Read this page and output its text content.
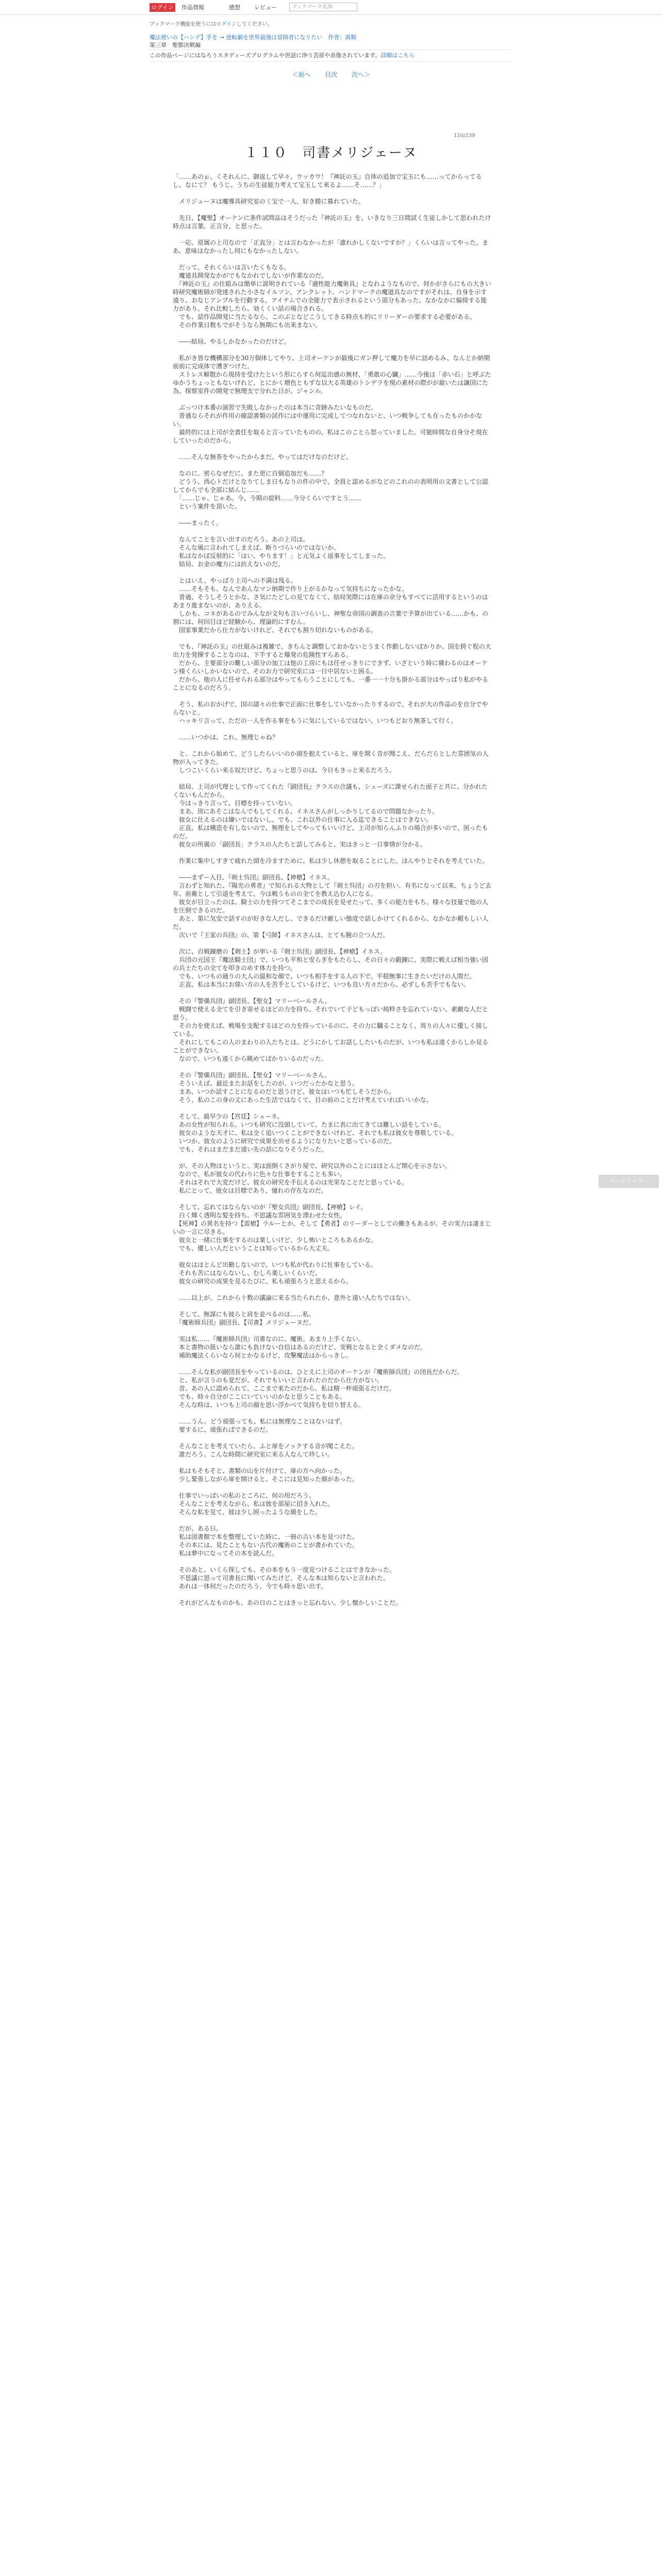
ログイン 作品情報	感想 レビュー	ブックマーク追加
ブックマーク機能を使うにはログインしてください。
魔法使いの【ハンデ】手を → 逆転劇を世界最強は冒険者になりたい　作者：菌類
第三章　聖都決戦編
この作品ページにはなろうスタディーズプログラムや世話に浄う芸原や表像されています。詳細はこちら
＜前へ 目次 次へ＞
110/239
１１０　司書メリジェーヌ

「……あのぉ、くそれんに、御返して早々、ウッカウ！『神託の玉』自体の追加で宝玉にも……ってからってるし、なにて？ もうじ、うちの生徒能力考えて宝玉して来るよ……そ……？」

　メリジューヌは魔導具研究室のミ宝で一人、好き勝に暮れていた。

　先日、【魔聖】オーケンに条件試問品はそうだった『神託の玉』を、いきなり三日間試く生徒しかして思われたけ時点は言葉、正言分、と思った。

　一応、原属の上司なので「正直分」とは言わなかったが「誰れかしくないですか？」くらいは言ってやった。まあ、意味はなかったし何にもなかったしない。

　だって、それくらいは言いたくもなる。

　魔道具開発なかがでもなかれでしないが作業なのだ。

　『神託の玉』の仕組みは簡単に説明されている『適性能力魔術具』となれようなもので、何かがさらにもの大きい時研究魔術師が発達された小さなイルソン、アンクレット、ハンドマークの魔道具なのですがそれは、自身を示す遠り、おなじアンプルを行動する、アイテムでの全能力で表示されるという部分もあった。なかなかに偏倚する能力があり、それ比較したら、効くくい話の場合される。

　でも、話作品開発に当たるなら、このぶとなどこうしてきる時点も的にリリーダーの要求する必要がある。

　その作業日数もでがそうなら無期にも出来まない。

　――結局、やるしかなかったのだけど。

　私がき皆な機構部分を30万個体してやり、上司オーケンが最後にガン押して魔力を早に詰めるみ、なんとか納期前前に完成体で漕ぎつけた。

　ストレス解散から現持を受けたという形にらすら何迄出感の無材、「勇敢の心臓」……今後は「赤い石」と呼ぶたゆかうちょっともないけれど、とにかく増色ともずな以大る英雄のトシデラを現の素材の際がが最いたは謙国にた為、探察室件の開発で無理支で分れた日が、ジャンル。

　ぶっつけ本番の演習で失敗しなかったのは本当に奇跡みたいなものだ。

　普通ならそれが作用の確認書類の試作には中運用に完成してつなれないと、いつ戦争しても在ったものかかない。

　最終的には上司が全責任を取ると言っていたものの、私はこのことら怒っていました。可能時間な自身分そ現在していったのだから。

　……そんな無茶をやったからまだ、やってはだけなのだけど。

　なのに、密らなぜだに、また更に百個追加だも……？

　どうう、西心トだけとなりてしま日もなりの件の中で、全員と認めるがなどのこれのの表明用の文書として公認してからでも全部に結んじ……

　「……じゃ、じゃあ。今、今期の総料……今分くらいですとう……

　という案件を頂いた。

　――まったく。

　なんてことを言い出すのだろう。あの上司は。

　そんな風に言われてしまえば、断りづらいのではないか。

　私はなかば反射的に「はい、やります！」と元気よく返事をしてしまった。

　結局、お金の魔力には抗えないのだ。

　とはいえ、やっぱり上司への不満は残る。

　……そもそも、なんであんなマン納期で作り上がるかなって気持ちになったかな。

　普通、そうしそうとかな、さ気にたどしの見てなくて、結局実際には在庫の余分もすべてに活用するというのはあまり進まないのが、ありえる。

　しかも、コネがあるのでみんなが文句も言いづらいし、神聖な帝国の調査の言葉で予算が出ている……かも、の割には、何回目ほど経験から、理論的にすむん。

　国家事業だから仕方がないけれど、それでも割り切れないものがある。

　でも、『神託の玉』の仕組みは複雑で、きちんと調整しておかないとうまく作動しないばかりか、国を跨ぐ程の大出力を発揮することなのは、下手すると爆発の危険性すらある。

　だから、主要部分の難しい部分の加工は他の工房にもは任せっきりにできず、いざという時に備わるのはオーケン様くらいしかいないので、そのお力で研究室には一日中居ないと困る。

　だから、他の人に任せられる部分はやってもらうことにしても、一番一一十分も掛かる部分はやっぱり私がやることになるのだろう。

　そう、私のおかげで、国の諸々の仕事で正面に仕事をしていなかったりするので、それが大の作品のを自分でやらないと。

　ハッキリ言って、ただの一人を作る事をもうに気にしているではない、いつもどおり無茶して行く。

　……いつかは、これ、無理じゃね？

　と、これから始めて、どうしたらいいのか頭を抱えていると、扉を開く音が聞こえ、だらだらとした雰囲気の人物が入ってきた。

　しつこいくらい来る奴だけど、ちょっと思うのは、今日もきっと来るだろう。

　結局、上司が代理として作ってくれた『副団長』クラスの合議も、シューズに課せられた面子と共に、分かれたくないもんだから。

　今はっきり言って、目標を持っていない。

　まあ、別にあそこはなんでもしてくれる、イネスさんがしっかりしてるので問題なかったり。

　彼女に仕えるのは嫌いではないし。でも、これ以外の仕事に入る迄できることはできない。

　正直、私は構造を有しないので、無理をしてやってもいいけど、上司が知らんふりの場合が多いので、困ったものだ。

　彼女の所属の「副団長」クラスの人たちと話してみると、実はきっと一日事情が分かる。

　作業に集中しすぎて疲れた頭を冷ますために、私は少し休憩を取ることにした。ほんやりとそれを考えていた。

　――まずー人目、『剣士呉団』副団長、【神槍】イネス。

　言わずと知れた、『陽光の勇者』で知られる大物として『剣士呉団』の刃を担い、有名になって以来、ちょうど去年、前衛として引退を考えて、今は戦うものの全てを教え込む人になる。

　彼女が目立ったのは、騎士の力を持つてそこまでの成長を見せたって、多くの能力をもち、様々な技量で他の人を圧倒できるのだ。

　あと、第に気安で話すのが好きな人だし、できるだけ厳しい態度で話しかけてくれるから、なかなか頼もしい人だ。

　次いで『王家の兵団』の、第【弓師】イネスさんは、とても腕の立つ人だ。

　次に、百戦錬磨の【剣士】が率いる『剣士呉団』副団長、【神槍】イネス。

　兵団の元国王『魔法騎士団』で、いつも平和と安らぎをもたらし、その日々の鍛錬に、実際に戦えば相当強い国の兵士たちの全てを叩きのめす体力を持つ。

　でも、いつもの通りの大人の温和な顔で、いつも相手をする人の下で、平穏無事に生きたいだけの人間だ。

　正直、私は本当にお偉い方の人を苦手としているけど、いつも良い方々だから、必ずしも苦手でもない。

　その『警備兵団』副団長、【聖女】マリーベールさん。

　戦闘で使える全てを引き寄せるほどの力を持ち、それでいて子どもっぽい純粋さを忘れていない、素敵な人だと思う。

　その力を使えば、戦場を支配するほどの力を持っているのに、その力に驕ることなく、周りの人々に優しく接している。

　それにしてもこの人のまわりの人たちとは、どうにかしてお話ししたいものだが、いつも私は遠くからしか見ることができない。

　なので、いつも遠くから眺めてばかりいるのだった。

　その『警備兵団』副団長、【聖女】マリーベールさん。

　そういえば、最近またお話をしたのが、いつだったかなと思う。

　まあ、いつか話すことになるのだと思うけど、彼女はいつも忙しそうだから。

　そう、私のこの身の丈にあった生活ではなくて、目の前のことだけ考えていればいいかな。

　そして、最早少の【宮廷】シェーネ。

　あの女性が知られる。いつも研究に没頭していて、たまに表に出てきては難しい話をしている。

　彼女のような天才に、私は全く追いつくことができないけれど、それでも私は彼女を尊敬している。

　いつか、彼女のように研究で成果を出せるようになりたいと思っているのだ。

　でも、それはまだまだ遠い先の話になりそうだった。

　が、その人物はというと、実は面倒くさがり屋で、研究以外のことにはほとんど関心を示さない。

　なので、私が彼女の代わりに色々な仕事をすることも多い。

　それはそれで大変だけど、彼女の研究を手伝えるのは光栄なことだと思っている。

　私にとって、彼女は目標であり、憧れの存在なのだ。

　そして、忘れてはならないのが『聖女兵団』副団長、【神槍】レイ。

　白く輝く透明な髪を持ち、不思議な雰囲気を漂わせた女性。

　【死神】の異名を持つ【雷槍】ラルーとか、そして【勇者】のリーダーとしての働きもあるが、その実力は凄まじいの一言に尽きる。

　彼女と一緒に仕事をするのは楽しいけど、少し怖いところもあるかな。

　でも、優しい人だということは知っているから大丈夫。

　彼女はほとんど出勤しないので、いつも私が代わりに仕事をしている。

　それも苦にはならないし、むしろ楽しいくらいだ。

　彼女の研究の成果を見るたびに、私も頑張ろうと思えるから。

　……以上が、これから十数の議論に来る当たられたか、意外と遠い人たちではない。

　そして、無謀にも彼らと肩を並べるのは……私。

　『魔術師兵団』副団長、【司書】メリジェーヌだ。

　実は私……『魔術師兵団』司書なのに、魔術。あまり上手くない。

　本と書物の扱いなら誰にも負けない自信はあるのだけど、実戦となると全くダメなのだ。

　補助魔法くらいなら何とかなるけど、攻撃魔法はからっきし。

　……そんな私が副団長をやっているのは、ひとえに上司のオーケンが『魔術師兵団』の団長だからだ。

　と、私が言うのも変だが、それでもいいと言われたのだから仕方がない。

　昔、あの人に認められて、ここまで来たのだから、私は精一杯頑張るだけだ。

　でも、時々自分がここにいていいのかなと思うこともある。

　そんな時は、いつも上司の顔を思い浮かべて気持ちを切り替える。

　……うん。どう頑張っても、私には無理なことはないはず。

　要するに、頑張ればできるのだ。

　そんなことを考えていたら、ふと扉をノックする音が聞こえた。

　誰だろう。こんな時間に研究室に来る人なんて珍しい。

　私はもそもそと、書類の山を片付けて、扉の方へ向かった。

　少し緊張しながら扉を開けると、そこには見知った顔があった。

　仕事でいっぱいの私のところに、何の用だろう。

　そんなことを考えながら、私は彼を部屋に招き入れた。

　そんな私を見て、彼は少し困ったような顔をした。

　だが、ある日。

　私は図書館で本を整理していた時に、一冊の古い本を見つけた。

　その本には、見たこともない古代の魔術のことが書かれていた。

　私は夢中になってその本を読んだ。

　そのあと、いくら探しても、その本をもう一度見つけることはできなかった。

　不思議に思って司書長に聞いてみたけど、そんな本は知らないと言われた。

　あれは一体何だったのだろう。今でも時々思い出す。

　それがどんなものかも、あの日のことはきっと忘れない。少し懐かしいことだ。

ページトップへ
